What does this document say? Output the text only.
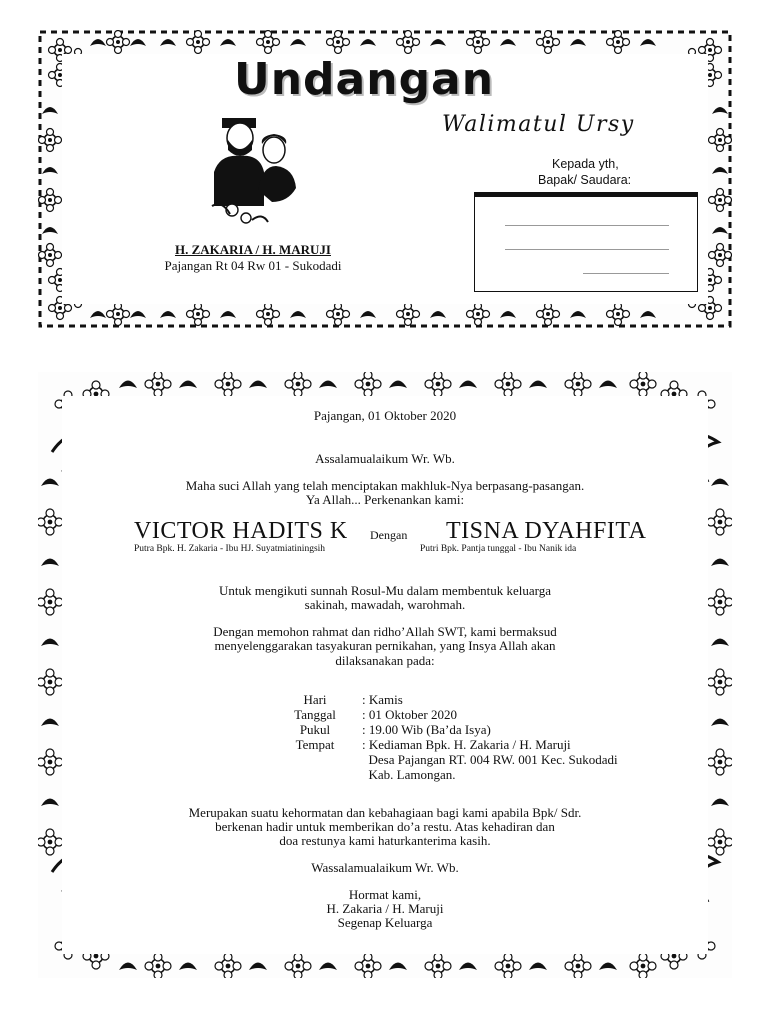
Undangan

Walimatul Ursy

H. ZAKARIA / H. MARUJI

Pajangan Rt 04 Rw 01 - Sukodadi

Kepada yth,
Bapak/ Saudara:

Pajangan, 01 Oktober 2020

Assalamualaikum Wr. Wb.

Maha suci Allah yang telah menciptakan makhluk-Nya berpasang-pasangan.

Ya Allah... Perkenankan kami:

VICTOR HADITS K Dengan TISNA DYAHFITA

Putra Bpk. H. Zakaria - Ibu HJ. Suyatmiatiningsih	Putri Bpk. Pantja tunggal - Ibu Nanik ida

Untuk mengikuti sunnah Rosul-Mu dalam membentuk keluarga

sakinah, mawadah, warohmah.

Dengan memohon rahmat dan ridho’Allah SWT, kami bermaksud

menyelenggarakan tasyakuran pernikahan, yang Insya Allah akan

dilaksanakan pada:

Hari	: Kamis
Tanggal	: 01 Oktober 2020
Pukul	: 19.00 Wib (Ba’da Isya)
Tempat	: Kediaman Bpk. H. Zakaria / H. Maruji
Desa Pajangan RT. 004 RW. 001 Kec. Sukodadi
Kab. Lamongan.

Merupakan suatu kehormatan dan kebahagiaan bagi kami apabila Bpk/ Sdr.

berkenan hadir untuk memberikan do’a restu. Atas kehadiran dan

doa restunya kami haturkanterima kasih.

Wassalamualaikum Wr. Wb.

Hormat kami,

H. Zakaria / H. Maruji

Segenap Keluarga
